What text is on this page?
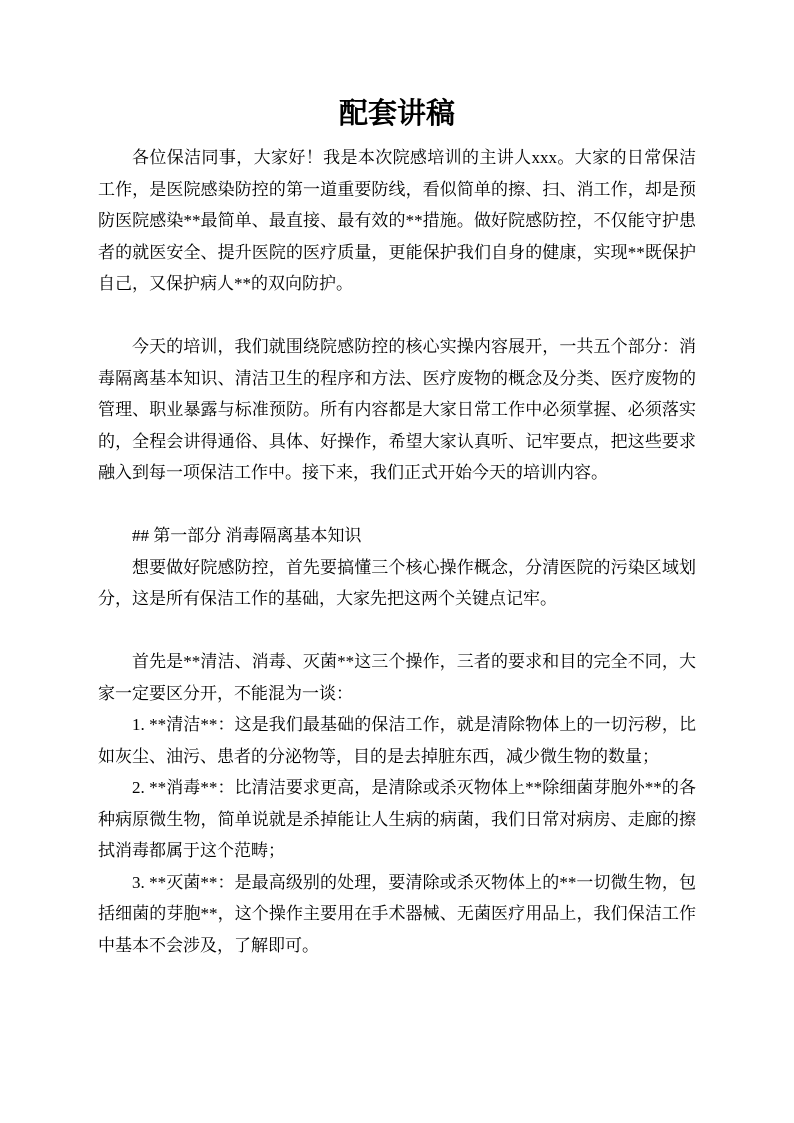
配套讲稿

各位保洁同事，大家好！我是本次院感培训的主讲人xxx。大家的日常保洁工作，是医院感染防控的第一道重要防线，看似简单的擦、扫、消工作，却是预防医院感染**最简单、最直接、最有效的**措施。做好院感防控，不仅能守护患者的就医安全、提升医院的医疗质量，更能保护我们自身的健康，实现**既保护自己，又保护病人**的双向防护。

今天的培训，我们就围绕院感防控的核心实操内容展开，一共五个部分：消毒隔离基本知识、清洁卫生的程序和方法、医疗废物的概念及分类、医疗废物的管理、职业暴露与标准预防。所有内容都是大家日常工作中必须掌握、必须落实的，全程会讲得通俗、具体、好操作，希望大家认真听、记牢要点，把这些要求融入到每一项保洁工作中。接下来，我们正式开始今天的培训内容。

## 第一部分 消毒隔离基本知识

想要做好院感防控，首先要搞懂三个核心操作概念，分清医院的污染区域划分，这是所有保洁工作的基础，大家先把这两个关键点记牢。

首先是**清洁、消毒、灭菌**这三个操作，三者的要求和目的完全不同，大家一定要区分开，不能混为一谈：

1. **清洁**：这是我们最基础的保洁工作，就是清除物体上的一切污秽，比如灰尘、油污、患者的分泌物等，目的是去掉脏东西，减少微生物的数量；

2. **消毒**：比清洁要求更高，是清除或杀灭物体上**除细菌芽胞外**的各种病原微生物，简单说就是杀掉能让人生病的病菌，我们日常对病房、走廊的擦拭消毒都属于这个范畴；

3. **灭菌**：是最高级别的处理，要清除或杀灭物体上的**一切微生物，包括细菌的芽胞**，这个操作主要用在手术器械、无菌医疗用品上，我们保洁工作中基本不会涉及，了解即可。
